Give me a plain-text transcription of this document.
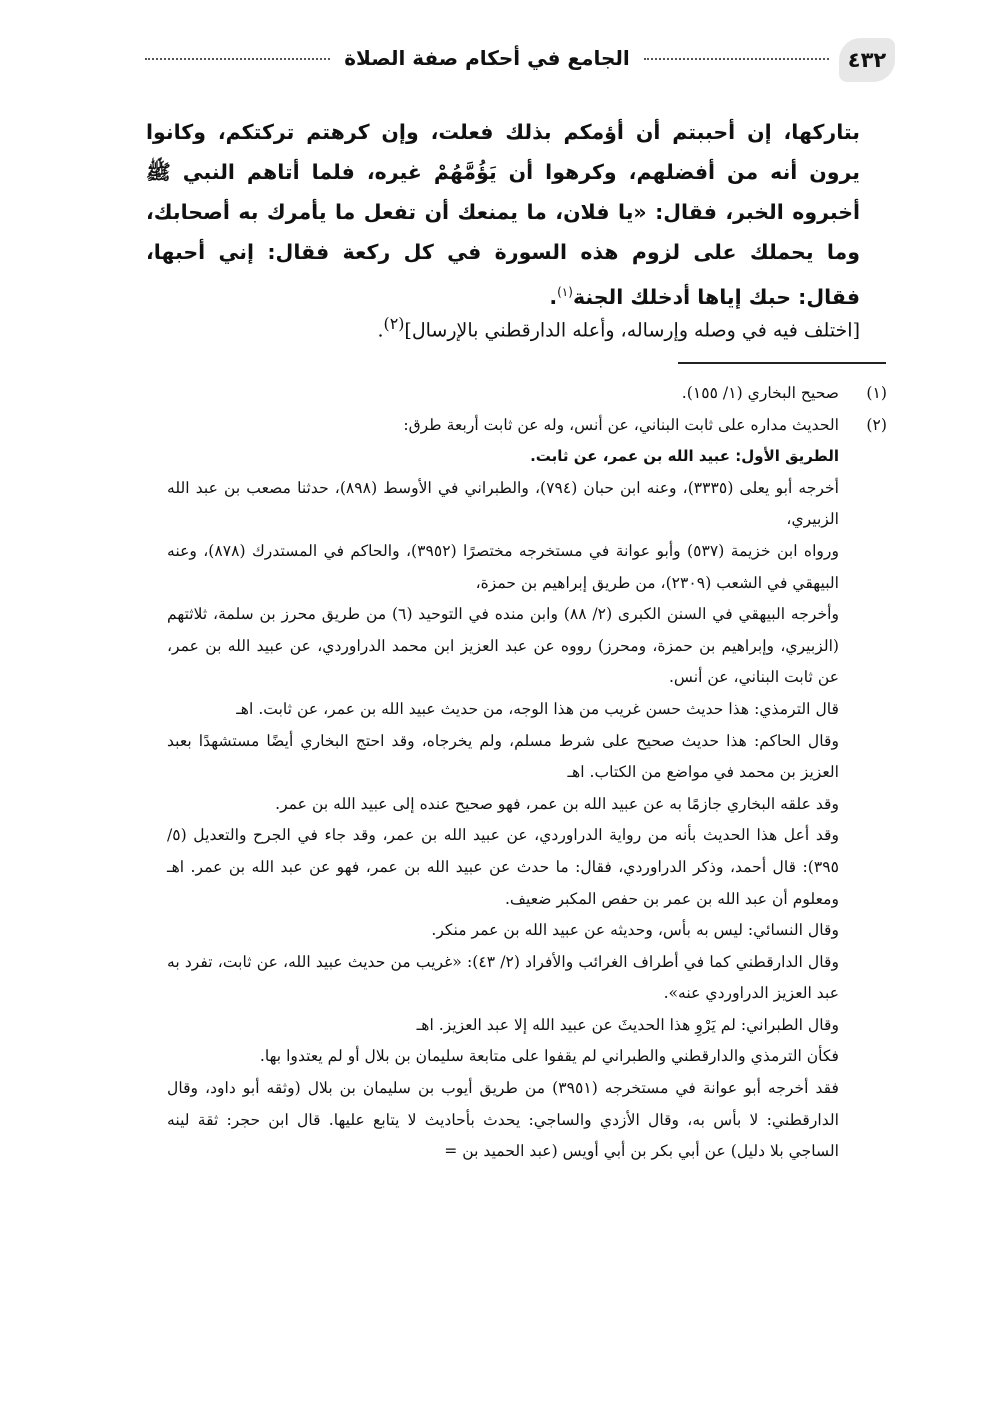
٤٣٢
الجامع في أحكام صفة الصلاة
بتاركها، إن أحببتم أن أؤمكم بذلك فعلت، وإن كرهتم تركتكم، وكانوا يرون أنه من أفضلهم، وكرهوا أن يَؤُمَّهُمْ غيره، فلما أتاهم النبي ﷺ أخبروه الخبر، فقال: «يا فلان، ما يمنعك أن تفعل ما يأمرك به أصحابك، وما يحملك على لزوم هذه السورة في كل ركعة فقال: إني أحبها، فقال: حبك إياها أدخلك الجنة$^{(١)}$.
[اختلف فيه في وصله وإرساله، وأعله الدارقطني بالإرسال]$^{(٢)}$.
(١)

صحيح البخاري (١/ ١٥٥).

(٢)

الحديث مداره على ثابت البناني، عن أنس، وله عن ثابت أربعة طرق:

الطريق الأول: عبيد الله بن عمر، عن ثابت.

أخرجه أبو يعلى (٣٣٣٥)، وعنه ابن حبان (٧٩٤)، والطبراني في الأوسط (٨٩٨)، حدثنا مصعب بن عبد الله الزبيري،

ورواه ابن خزيمة (٥٣٧) وأبو عوانة في مستخرجه مختصرًا (٣٩٥٢)، والحاكم في المستدرك (٨٧٨)، وعنه البيهقي في الشعب (٢٣٠٩)، من طريق إبراهيم بن حمزة،

وأخرجه البيهقي في السنن الكبرى (٢/ ٨٨) وابن منده في التوحيد (٦) من طريق محرز بن سلمة، ثلاثتهم (الزبيري، وإبراهيم بن حمزة، ومحرز) رووه عن عبد العزيز ابن محمد الدراوردي، عن عبيد الله بن عمر، عن ثابت البناني، عن أنس.

قال الترمذي: هذا حديث حسن غريب من هذا الوجه، من حديث عبيد الله بن عمر، عن ثابت. اهـ

وقال الحاكم: هذا حديث صحيح على شرط مسلم، ولم يخرجاه، وقد احتج البخاري أيضًا مستشهدًا بعبد العزيز بن محمد في مواضع من الكتاب. اهـ

وقد علقه البخاري جازمًا به عن عبيد الله بن عمر، فهو صحيح عنده إلى عبيد الله بن عمر.

وقد أعل هذا الحديث بأنه من رواية الدراوردي، عن عبيد الله بن عمر، وقد جاء في الجرح والتعديل (٥/ ٣٩٥): قال أحمد، وذكر الدراوردي، فقال: ما حدث عن عبيد الله بن عمر، فهو عن عبد الله بن عمر. اهـ ومعلوم أن عبد الله بن عمر بن حفص المكبر ضعيف.

وقال النسائي: ليس به بأس، وحديثه عن عبيد الله بن عمر منكر.

وقال الدارقطني كما في أطراف الغرائب والأفراد (٢/ ٤٣): «غريب من حديث عبيد الله، عن ثابت، تفرد به عبد العزيز الدراوردي عنه».

وقال الطبراني: لم يَرْوِ هذا الحديثَ عن عبيد الله إلا عبد العزيز. اهـ

فكأن الترمذي والدارقطني والطبراني لم يقفوا على متابعة سليمان بن بلال أو لم يعتدوا بها.

فقد أخرجه أبو عوانة في مستخرجه (٣٩٥١) من طريق أيوب بن سليمان بن بلال (وثقه أبو داود، وقال الدارقطني: لا بأس به، وقال الأزدي والساجي: يحدث بأحاديث لا يتابع عليها. قال ابن حجر: ثقة لينه الساجي بلا دليل) عن أبي بكر بن أبي أويس (عبد الحميد بن =
